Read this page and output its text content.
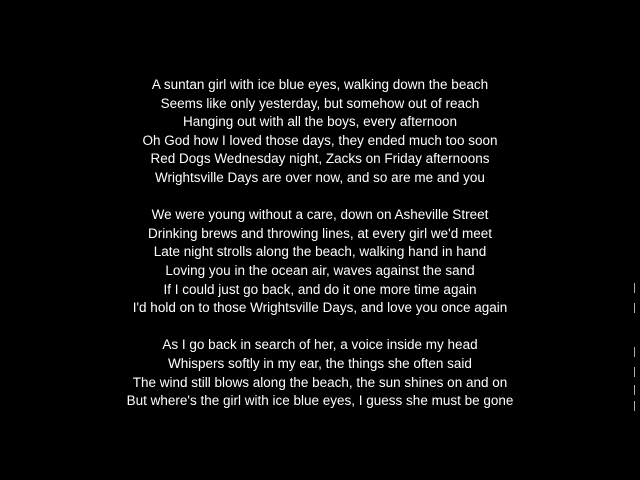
A suntan girl with ice blue eyes, walking down the beach
Seems like only yesterday, but somehow out of reach
Hanging out with all the boys, every afternoon
Oh God how I loved those days, they ended much too soon
Red Dogs Wednesday night, Zacks on Friday afternoons
Wrightsville Days are over now, and so are me and you
We were young without a care, down on Asheville Street
Drinking brews and throwing lines, at every girl we'd meet
Late night strolls along the beach, walking hand in hand
Loving you in the ocean air, waves against the sand
If I could just go back, and do it one more time again
I'd hold on to those Wrightsville Days, and love you once again
As I go back in search of her, a voice inside my head
Whispers softly in my ear, the things she often said
The wind still blows along the beach, the sun shines on and on
But where's the girl with ice blue eyes, I guess she must be gone
